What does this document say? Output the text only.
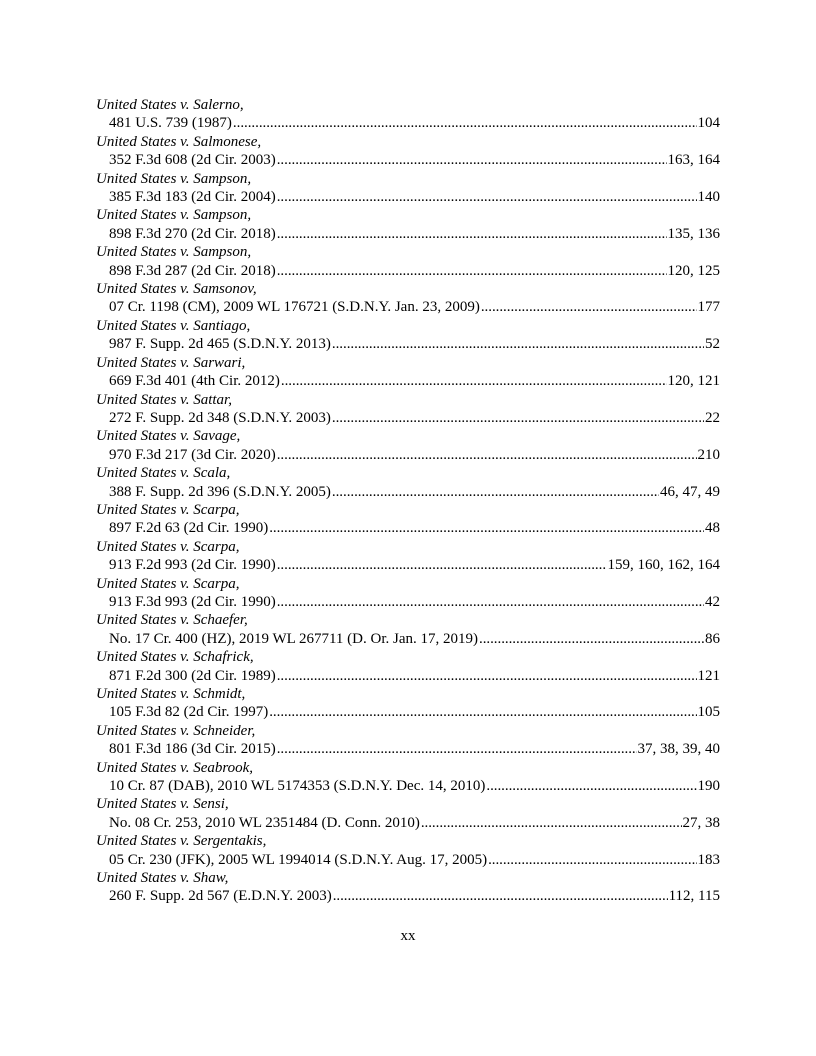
United States v. Salerno,
481 U.S. 739 (1987) . . .	104
United States v. Salmonese,
352 F.3d 608 (2d Cir. 2003) . . .	163, 164
United States v. Sampson,
385 F.3d 183 (2d Cir. 2004) . . .	140
United States v. Sampson,
898 F.3d 270 (2d Cir. 2018) . . .	135, 136
United States v. Sampson,
898 F.3d 287 (2d Cir. 2018) . . .	120, 125
United States v. Samsonov,
07 Cr. 1198 (CM), 2009 WL 176721 (S.D.N.Y. Jan. 23, 2009) . . .	177
United States v. Santiago,
987 F. Supp. 2d 465 (S.D.N.Y. 2013) . . .	52
United States v. Sarwari,
669 F.3d 401 (4th Cir. 2012) . . .	120, 121
United States v. Sattar,
272 F. Supp. 2d 348 (S.D.N.Y. 2003) . . .	22
United States v. Savage,
970 F.3d 217 (3d Cir. 2020) . . .	210
United States v. Scala,
388 F. Supp. 2d 396 (S.D.N.Y. 2005) . . .	46, 47, 49
United States v. Scarpa,
897 F.2d 63 (2d Cir. 1990) . . .	48
United States v. Scarpa,
913 F.2d 993 (2d Cir. 1990) . . .	159, 160, 162, 164
United States v. Scarpa,
913 F.3d 993 (2d Cir. 1990) . . .	42
United States v. Schaefer,
No. 17 Cr. 400 (HZ), 2019 WL 267711 (D. Or. Jan. 17, 2019) . . .	86
United States v. Schafrick,
871 F.2d 300 (2d Cir. 1989) . . .	121
United States v. Schmidt,
105 F.3d 82 (2d Cir. 1997) . . .	105
United States v. Schneider,
801 F.3d 186 (3d Cir. 2015) . . .	37, 38, 39, 40
United States v. Seabrook,
10 Cr. 87 (DAB), 2010 WL 5174353 (S.D.N.Y. Dec. 14, 2010) . . .	190
United States v. Sensi,
No. 08 Cr. 253, 2010 WL 2351484 (D. Conn. 2010) . . .	27, 38
United States v. Sergentakis,
05 Cr. 230 (JFK), 2005 WL 1994014 (S.D.N.Y. Aug. 17, 2005) . . .	183
United States v. Shaw,
260 F. Supp. 2d 567 (E.D.N.Y. 2003) . . .	112, 115
xx
